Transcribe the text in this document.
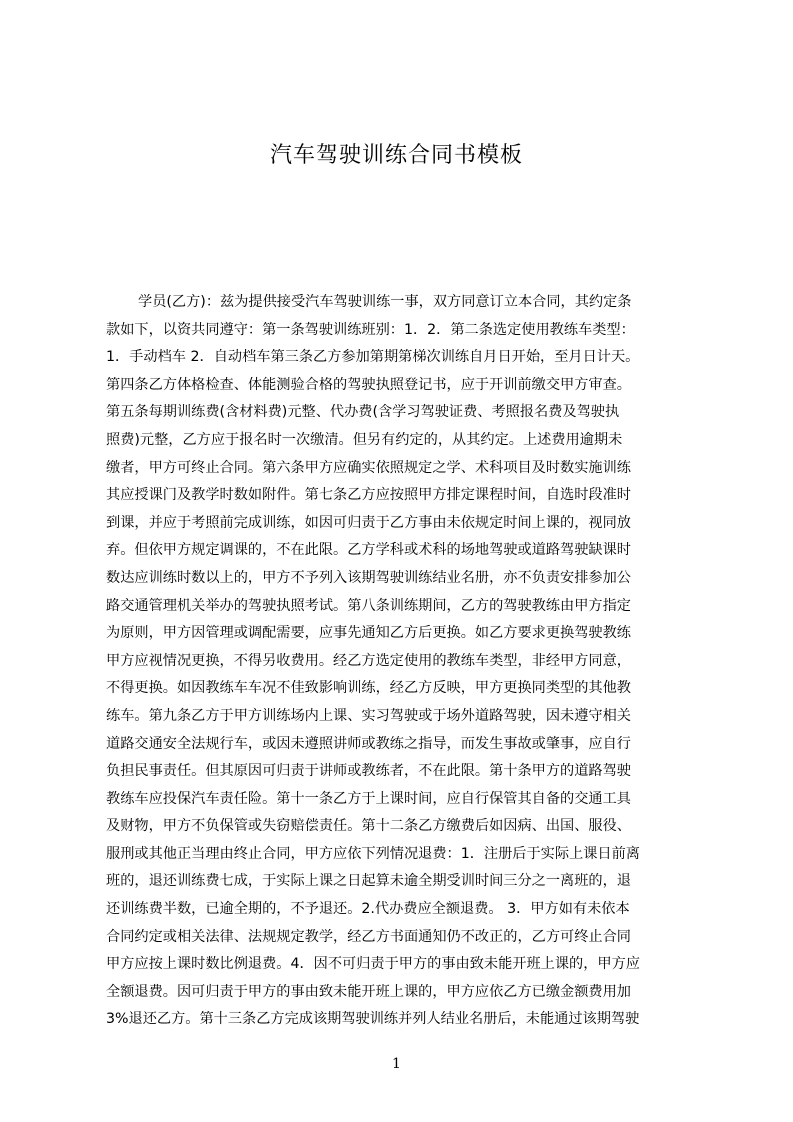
汽车驾驶训练合同书模板
学员(乙方)：兹为提供接受汽车驾驶训练一事，双方同意订立本合同，其约定条
款如下，以资共同遵守：第一条驾驶训练班别：1．2．第二条选定使用教练车类型：
1．手动档车 2．自动档车第三条乙方参加第期第梯次训练自月日开始，至月日计天。
第四条乙方体格检查、体能测验合格的驾驶执照登记书，应于开训前缴交甲方审查。
第五条每期训练费(含材料费)元整、代办费(含学习驾驶证费、考照报名费及驾驶执
照费)元整，乙方应于报名时一次缴清。但另有约定的，从其约定。上述费用逾期未
缴者，甲方可终止合同。第六条甲方应确实依照规定之学、术科项目及时数实施训练
其应授课门及教学时数如附件。第七条乙方应按照甲方排定课程时间，自选时段准时
到课，并应于考照前完成训练，如因可归责于乙方事由未依规定时间上课的，视同放
弃。但依甲方规定调课的，不在此限。乙方学科或术科的场地驾驶或道路驾驶缺课时
数达应训练时数以上的，甲方不予列入该期驾驶训练结业名册，亦不负责安排参加公
路交通管理机关举办的驾驶执照考试。第八条训练期间，乙方的驾驶教练由甲方指定
为原则，甲方因管理或调配需要，应事先通知乙方后更换。如乙方要求更换驾驶教练
甲方应视情况更换，不得另收费用。经乙方选定使用的教练车类型，非经甲方同意，
不得更换。如因教练车车况不佳致影响训练，经乙方反映，甲方更换同类型的其他教
练车。第九条乙方于甲方训练场内上课、实习驾驶或于场外道路驾驶，因未遵守相关
道路交通安全法规行车，或因未遵照讲师或教练之指导，而发生事故或肇事，应自行
负担民事责任。但其原因可归责于讲师或教练者，不在此限。第十条甲方的道路驾驶
教练车应投保汽车责任险。第十一条乙方于上课时间，应自行保管其自备的交通工具
及财物，甲方不负保管或失窃赔偿责任。第十二条乙方缴费后如因病、出国、服役、
服刑或其他正当理由终止合同，甲方应依下列情况退费：1．注册后于实际上课日前离
班的，退还训练费七成，于实际上课之日起算未逾全期受训时间三分之一离班的，退
还训练费半数，已逾全期的，不予退还。2.代办费应全额退费。 3．甲方如有未依本
合同约定或相关法律、法规规定教学，经乙方书面通知仍不改正的，乙方可终止合同
甲方应按上课时数比例退费。4．因不可归责于甲方的事由致未能开班上课的，甲方应
全额退费。因可归责于甲方的事由致未能开班上课的，甲方应依乙方已缴金额费用加
3%退还乙方。第十三条乙方完成该期驾驶训练并列人结业名册后，未能通过该期驾驶
1
